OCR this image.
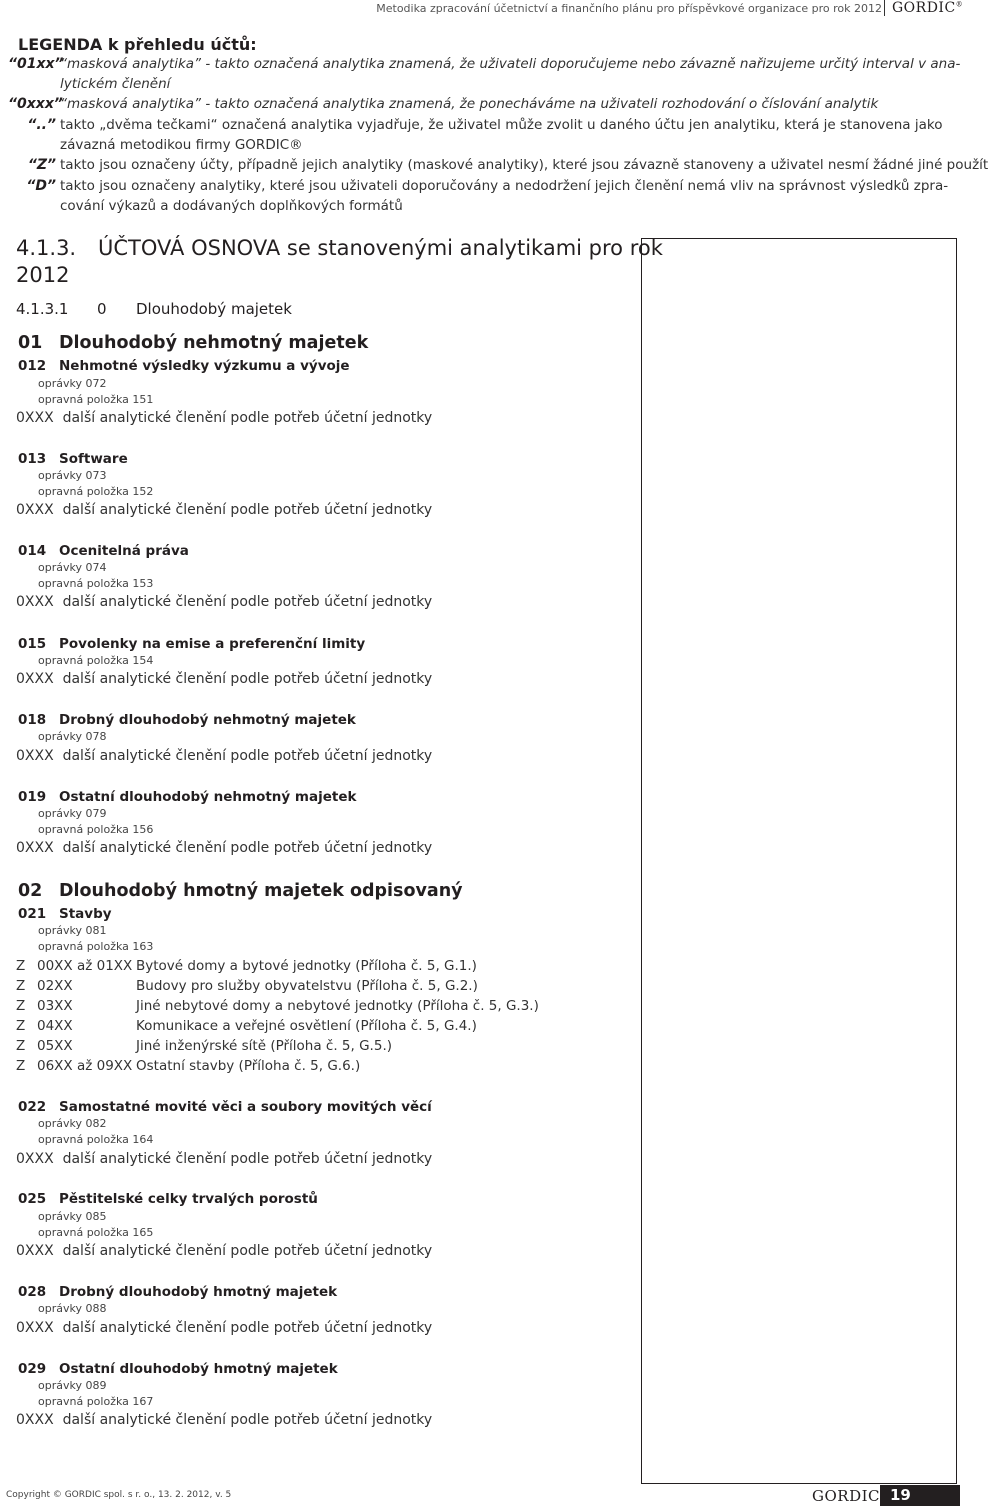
Metodika zpracování účetnictví a finančního plánu pro příspěvkové organizace pro rok 2012 GORDIC®
LEGENDA k přehledu účtů:
“01xx”
“masková analytika” - takto označená analytika znamená, že uživateli doporučujeme nebo závazně nařizujeme určitý interval v ana-
lytickém členění
“0xxx”
“masková analytika” - takto označená analytika znamená, že ponecháváme na uživateli rozhodování o číslování analytik
“..” takto „dvěma tečkami“ označená analytika vyjadřuje, že uživatel může zvolit u daného účtu jen analytiku, která je stanovena jako
závazná metodikou firmy GORDIC®
“Z” takto jsou označeny účty, případně jejich analytiky (maskové analytiky), které jsou závazně stanoveny a uživatel nesmí žádné jiné použít
“D” takto jsou označeny analytiky, které jsou uživateli doporučovány a nedodržení jejich členění nemá vliv na správnost výsledků zpra-
cování výkazů a dodávaných doplňkových formátů
4.1.3. ÚČTOVÁ OSNOVA se stanovenými analytikami pro rok
2012
4.1.3.1 0 Dlouhodobý majetek
01 Dlouhodobý nehmotný majetek
012 Nehmotné výsledky výzkumu a vývoje
oprávky 072
opravná položka 151
0XXX další analytické členění podle potřeb účetní jednotky
013 Software
oprávky 073
opravná položka 152
0XXX další analytické členění podle potřeb účetní jednotky
014 Ocenitelná práva
oprávky 074
opravná položka 153
0XXX další analytické členění podle potřeb účetní jednotky
015 Povolenky na emise a preferenční limity
opravná položka 154
0XXX další analytické členění podle potřeb účetní jednotky
018 Drobný dlouhodobý nehmotný majetek
oprávky 078
0XXX další analytické členění podle potřeb účetní jednotky
019 Ostatní dlouhodobý nehmotný majetek
oprávky 079
opravná položka 156
0XXX další analytické členění podle potřeb účetní jednotky
02 Dlouhodobý hmotný majetek odpisovaný
021 Stavby
oprávky 081
opravná položka 163
Z 00XX až 01XX Bytové domy a bytové jednotky (Příloha č. 5, G.1.)
Z 02XX	Budovy pro služby obyvatelstvu (Příloha č. 5, G.2.)
Z 03XX	Jiné nebytové domy a nebytové jednotky (Příloha č. 5, G.3.)
Z 04XX	Komunikace a veřejné osvětlení (Příloha č. 5, G.4.)
Z 05XX	Jiné inženýrské sítě (Příloha č. 5, G.5.)
Z 06XX až 09XX Ostatní stavby (Příloha č. 5, G.6.)
022 Samostatné movité věci a soubory movitých věcí
oprávky 082
opravná položka 164
0XXX další analytické členění podle potřeb účetní jednotky
025 Pěstitelské celky trvalých porostů
oprávky 085
opravná položka 165
0XXX další analytické členění podle potřeb účetní jednotky
028 Drobný dlouhodobý hmotný majetek
oprávky 088
0XXX další analytické členění podle potřeb účetní jednotky
029 Ostatní dlouhodobý hmotný majetek
oprávky 089
opravná položka 167
0XXX další analytické členění podle potřeb účetní jednotky
Copyright © GORDIC spol. s r. o., 13. 2. 2012, v. 5	GORDIC 19
